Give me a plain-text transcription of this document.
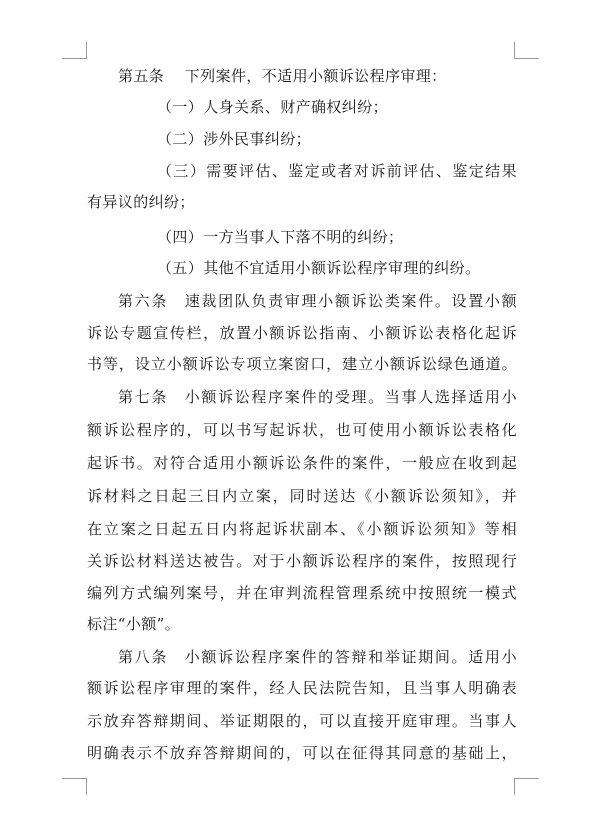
第五条　 下列案件，不适用小额诉讼程序审理：
（一）人身关系、财产确权纠纷；
（二）涉外民事纠纷；
（三）需要评估、鉴定或者对诉前评估、鉴定结果
有异议的纠纷；
（四）一方当事人下落不明的纠纷；
（五）其他不宜适用小额诉讼程序审理的纠纷。
第六条　速裁团队负责审理小额诉讼类案件。设置小额
诉讼专题宣传栏，放置小额诉讼指南、小额诉讼表格化起诉
书等，设立小额诉讼专项立案窗口，建立小额诉讼绿色通道。
第七条　小额诉讼程序案件的受理。当事人选择适用小
额诉讼程序的，可以书写起诉状，也可使用小额诉讼表格化
起诉书。对符合适用小额诉讼条件的案件，一般应在收到起
诉材料之日起三日内立案，同时送达《小额诉讼须知》，并
在立案之日起五日内将起诉状副本、《小额诉讼须知》等相
关诉讼材料送达被告。对于小额诉讼程序的案件，按照现行
编列方式编列案号，并在审判流程管理系统中按照统一模式
标注“小额”。
第八条　小额诉讼程序案件的答辩和举证期间。适用小
额诉讼程序审理的案件，经人民法院告知，且当事人明确表
示放弃答辩期间、举证期限的，可以直接开庭审理。当事人
明确表示不放弃答辩期间的，可以在征得其同意的基础上，
